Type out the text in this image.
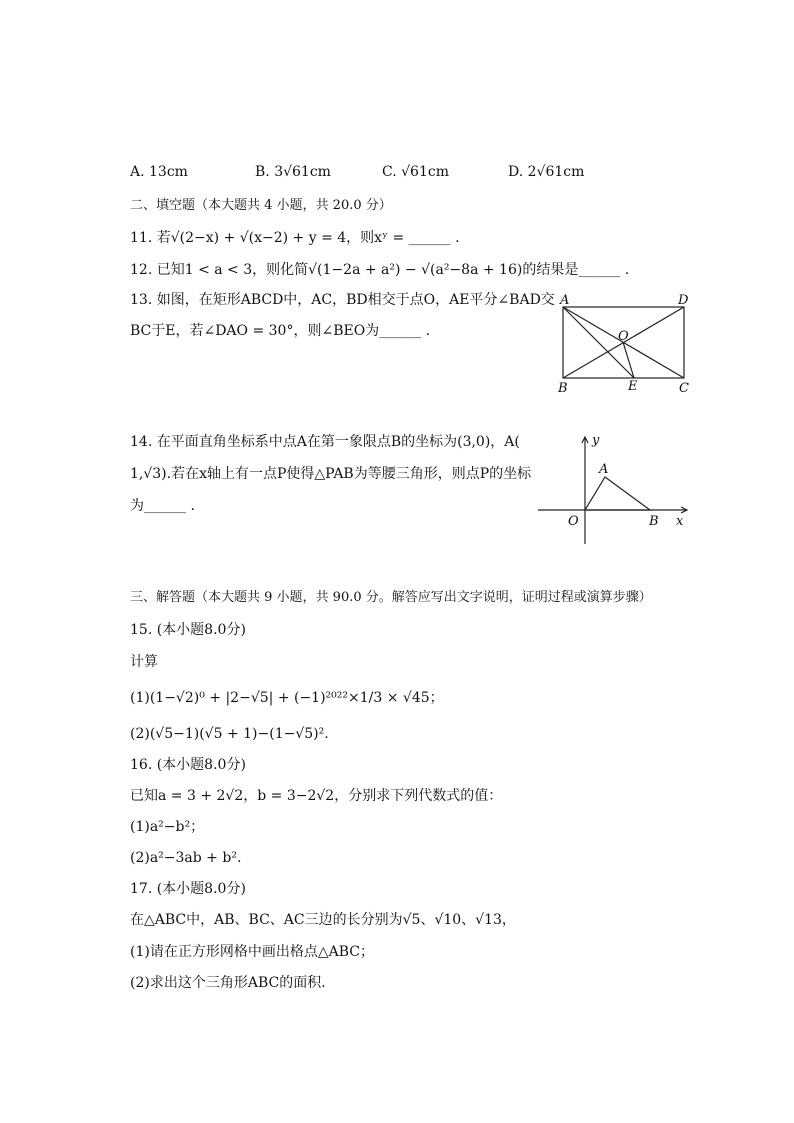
A. 13cm	B. 3√61cm	C. √61cm	D. 2√61cm
二、填空题（本大题共 4 小题，共 20.0 分）
11. 若√(2−x) + √(x−2) + y = 4，则xʸ = ______ .
12. 已知1 < a < 3，则化简√(1−2a + a²) − √(a²−8a + 16)的结果是______ .
13. 如图，在矩形ABCD中，AC，BD相交于点O，AE平分∠BAD交
BC于E，若∠DAO = 30°，则∠BEO为______ .
A	D
O
B	E	C
14. 在平面直角坐标系中点A在第一象限点B的坐标为(3,0)，A(
1,√3).若在x轴上有一点P使得△PAB为等腰三角形，则点P的坐标
为______ .
y
A
O	B x
三、解答题（本大题共 9 小题，共 90.0 分。解答应写出文字说明，证明过程或演算步骤）
15. (本小题8.0分)
计算
(1)(1−√2)⁰ + |2−√5| + (−1)²⁰²²×1/3 × √45；
(2)(√5−1)(√5 + 1)−(1−√5)².
16. (本小题8.0分)
已知a = 3 + 2√2，b = 3−2√2，分别求下列代数式的值：
(1)a²−b²；
(2)a²−3ab + b².
17. (本小题8.0分)
在△ABC中，AB、BC、AC三边的长分别为√5、√10、√13，
(1)请在正方形网格中画出格点△ABC；
(2)求出这个三角形ABC的面积.
